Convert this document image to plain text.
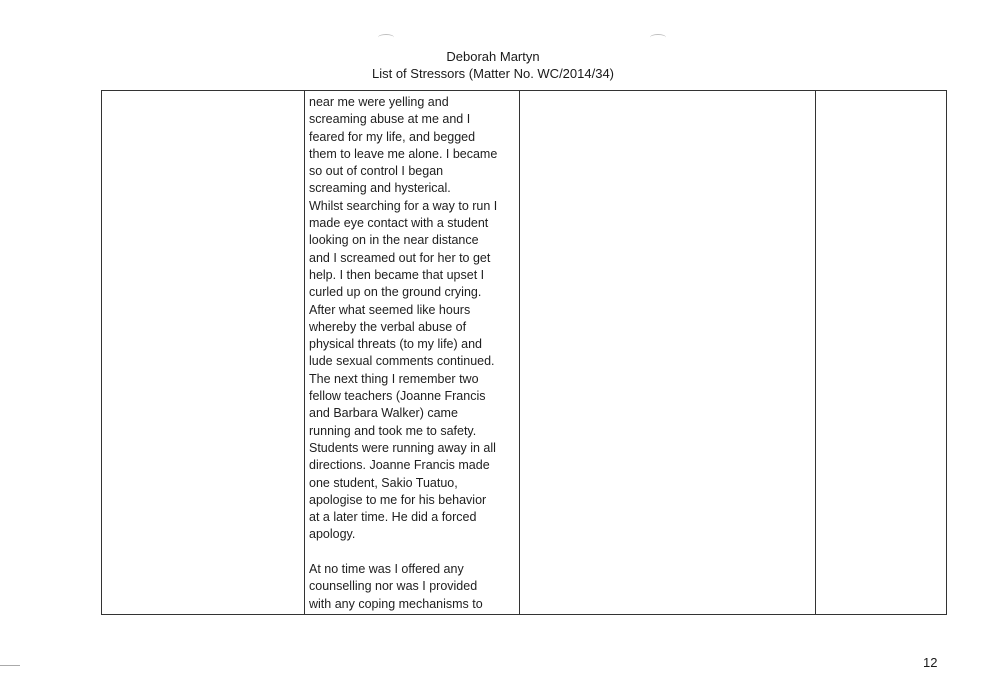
Deborah Martyn
List of Stressors (Matter No. WC/2014/34)

near me were yelling and
screaming abuse at me and I
feared for my life, and begged
them to leave me alone. I became
so out of control I began
screaming and hysterical.
Whilst searching for a way to run I
made eye contact with a student
looking on in the near distance
and I screamed out for her to get
help. I then became that upset I
curled up on the ground crying.
After what seemed like hours
whereby the verbal abuse of
physical threats (to my life) and
lude sexual comments continued.
The next thing I remember two
fellow teachers (Joanne Francis
and Barbara Walker) came
running and took me to safety.
Students were running away in all
directions. Joanne Francis made
one student, Sakio Tuatuo,
apologise to me for his behavior
at a later time. He did a forced
apology.
At no time was I offered any
counselling nor was I provided
with any coping mechanisms to

12
